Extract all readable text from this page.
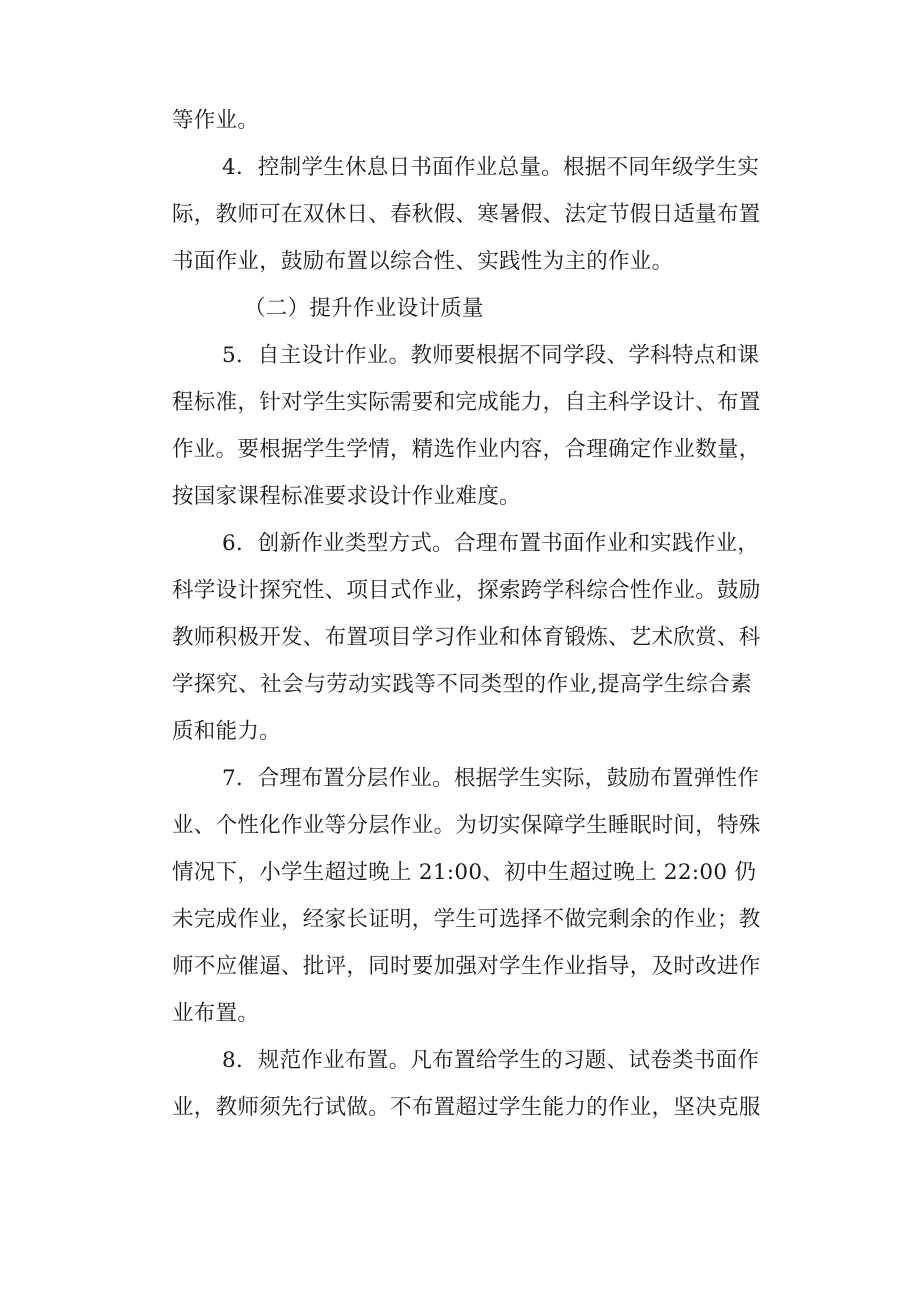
等作业。
4．控制学生休息日书面作业总量。根据不同年级学生实
际，教师可在双休日、春秋假、寒暑假、法定节假日适量布置
书面作业，鼓励布置以综合性、实践性为主的作业。
（二）提升作业设计质量
5．自主设计作业。教师要根据不同学段、学科特点和课
程标准，针对学生实际需要和完成能力，自主科学设计、布置
作业。要根据学生学情，精选作业内容，合理确定作业数量，
按国家课程标准要求设计作业难度。
6．创新作业类型方式。合理布置书面作业和实践作业，
科学设计探究性、项目式作业，探索跨学科综合性作业。鼓励
教师积极开发、布置项目学习作业和体育锻炼、艺术欣赏、科
学探究、社会与劳动实践等不同类型的作业,提高学生综合素
质和能力。
7．合理布置分层作业。根据学生实际，鼓励布置弹性作
业、个性化作业等分层作业。为切实保障学生睡眠时间，特殊
情况下，小学生超过晚上 21:00、初中生超过晚上 22:00 仍
未完成作业，经家长证明，学生可选择不做完剩余的作业；教
师不应催逼、批评，同时要加强对学生作业指导，及时改进作
业布置。
8．规范作业布置。凡布置给学生的习题、试卷类书面作
业，教师须先行试做。不布置超过学生能力的作业，坚决克服
